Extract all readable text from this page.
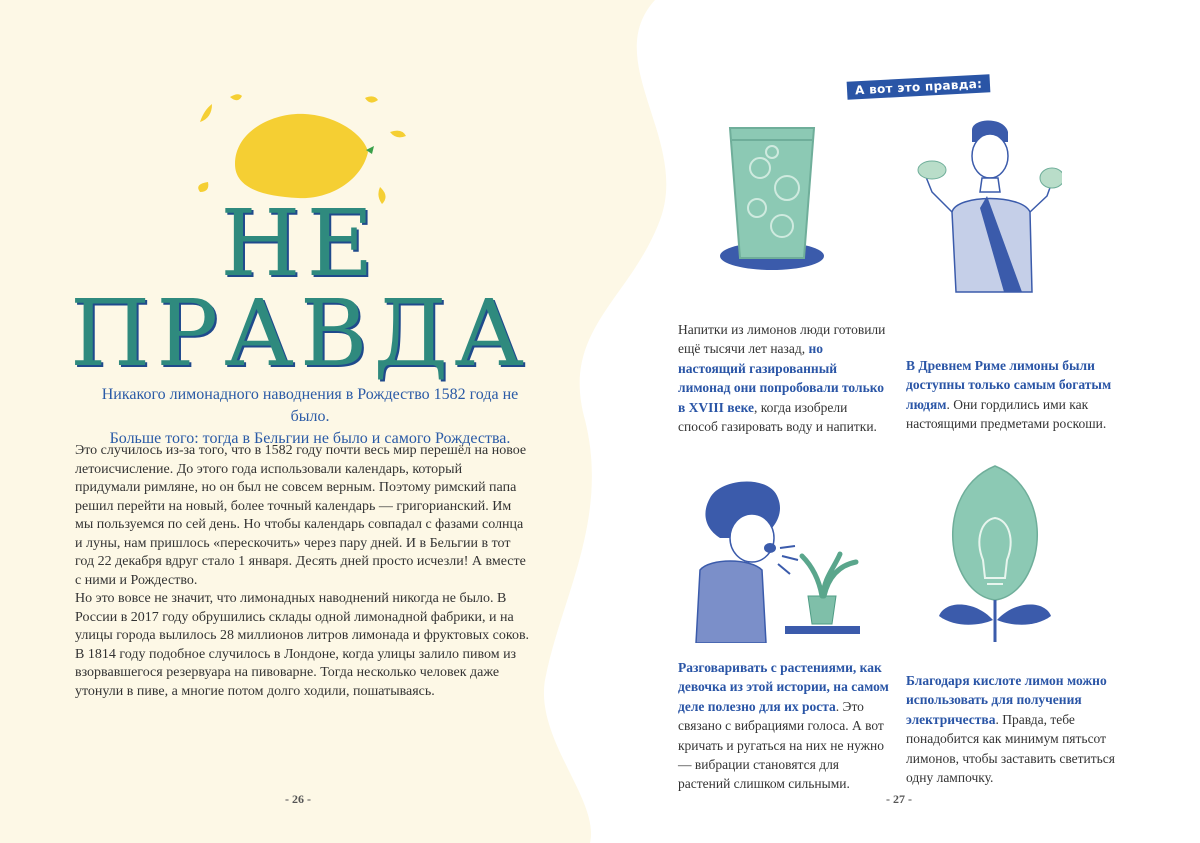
НЕ
ПРАВДА
Никакого лимонадного наводнения в Рождество 1582 года не было.
Больше того: тогда в Бельгии не было и самого Рождества.
Это случилось из-за того, что в 1582 году почти весь мир перешёл на новое летоисчисление. До этого года использовали календарь, который придумали римляне, но он был не совсем верным. Поэтому римский папа решил перейти на новый, более точный календарь — григорианский. Им мы пользуемся по сей день. Но чтобы календарь совпадал с фазами солнца и луны, нам пришлось «перескочить» через пару дней. И в Бельгии в тот год 22 декабря вдруг стало 1 января. Десять дней просто исчезли! А вместе с ними и Рождество.
Но это вовсе не значит, что лимонадных наводнений никогда не было. В России в 2017 году обрушились склады одной лимонадной фабрики, и на улицы города вылилось 28 миллионов литров лимонада и фруктовых соков. В 1814 году подобное случилось в Лондоне, когда улицы залило пивом из взорвавшегося резервуара на пивоварне. Тогда несколько человек даже утонули в пиве, а многие потом долго ходили, пошатываясь.
- 26 -
А вот это правда:
Напитки из лимонов люди готовили ещё тысячи лет назад, но настоящий газированный лимонад они попробовали только в XVIII веке, когда изобрели способ газировать воду и напитки.
В Древнем Риме лимоны были доступны только самым богатым людям. Они гордились ими как настоящими предметами роскоши.
Разговаривать с растениями, как девочка из этой истории, на самом деле полезно для их роста. Это связано с вибрациями голоса. А вот кричать и ругаться на них не нужно — вибрации становятся для растений слишком сильными.
Благодаря кислоте лимон можно использовать для получения электричества. Правда, тебе понадобится как минимум пятьсот лимонов, чтобы заставить светиться одну лампочку.
- 27 -
